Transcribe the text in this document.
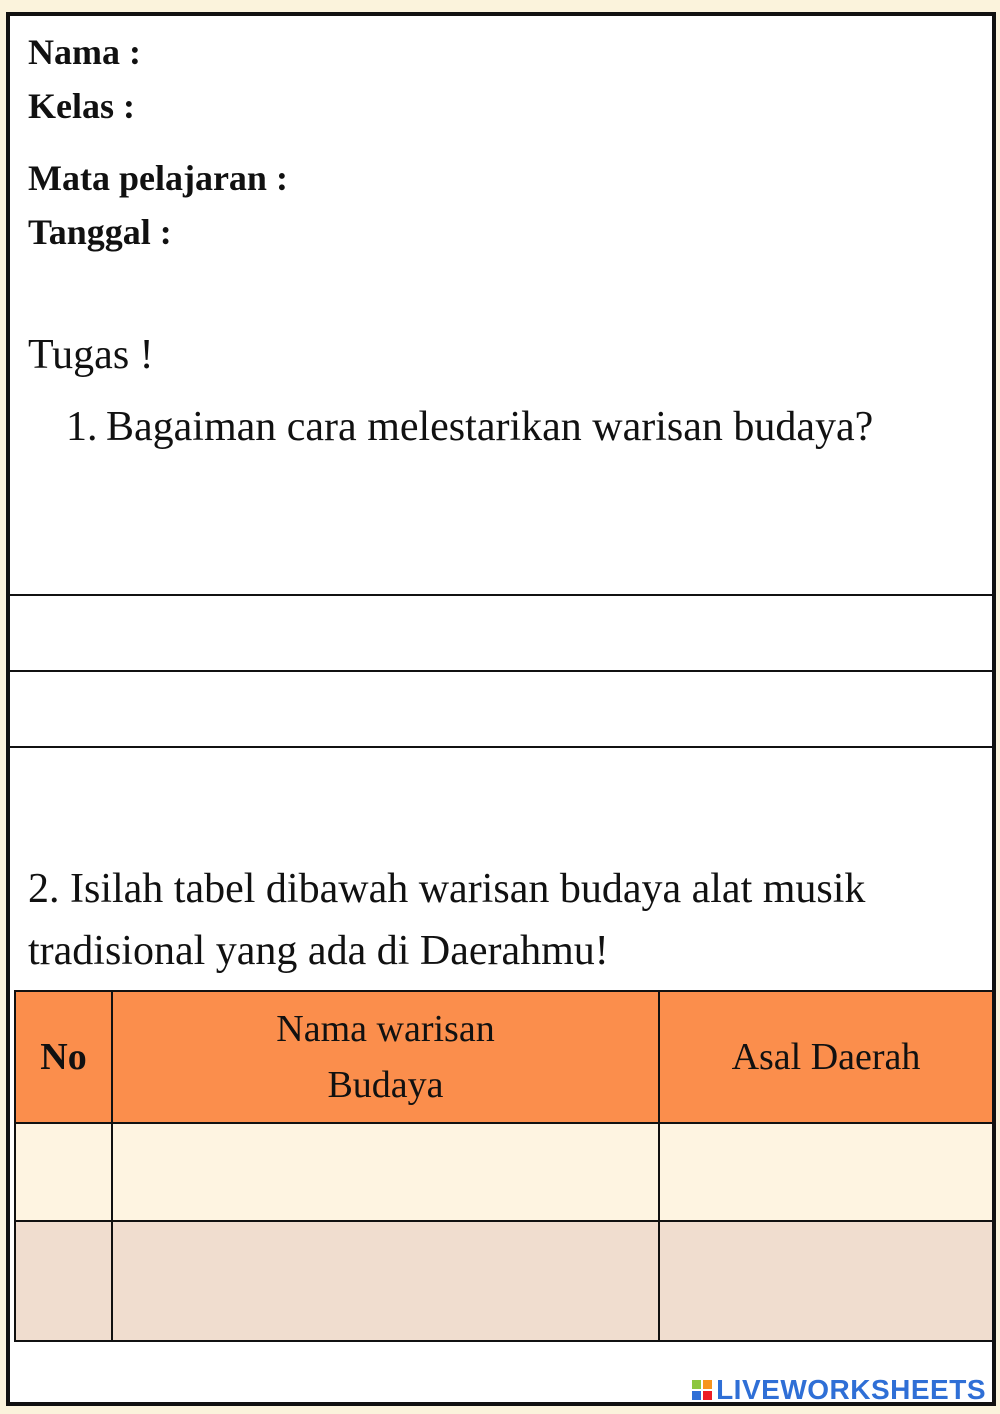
Nama :

Kelas :

Mata pelajaran :

Tanggal :

Tugas !
1. Bagaiman cara melestarikan warisan budaya?

2. Isilah tabel dibawah warisan budaya alat musik tradisional yang ada di Daerahmu!

No	Nama warisan Budaya	Asal Daerah

LIVEWORKSHEETS
